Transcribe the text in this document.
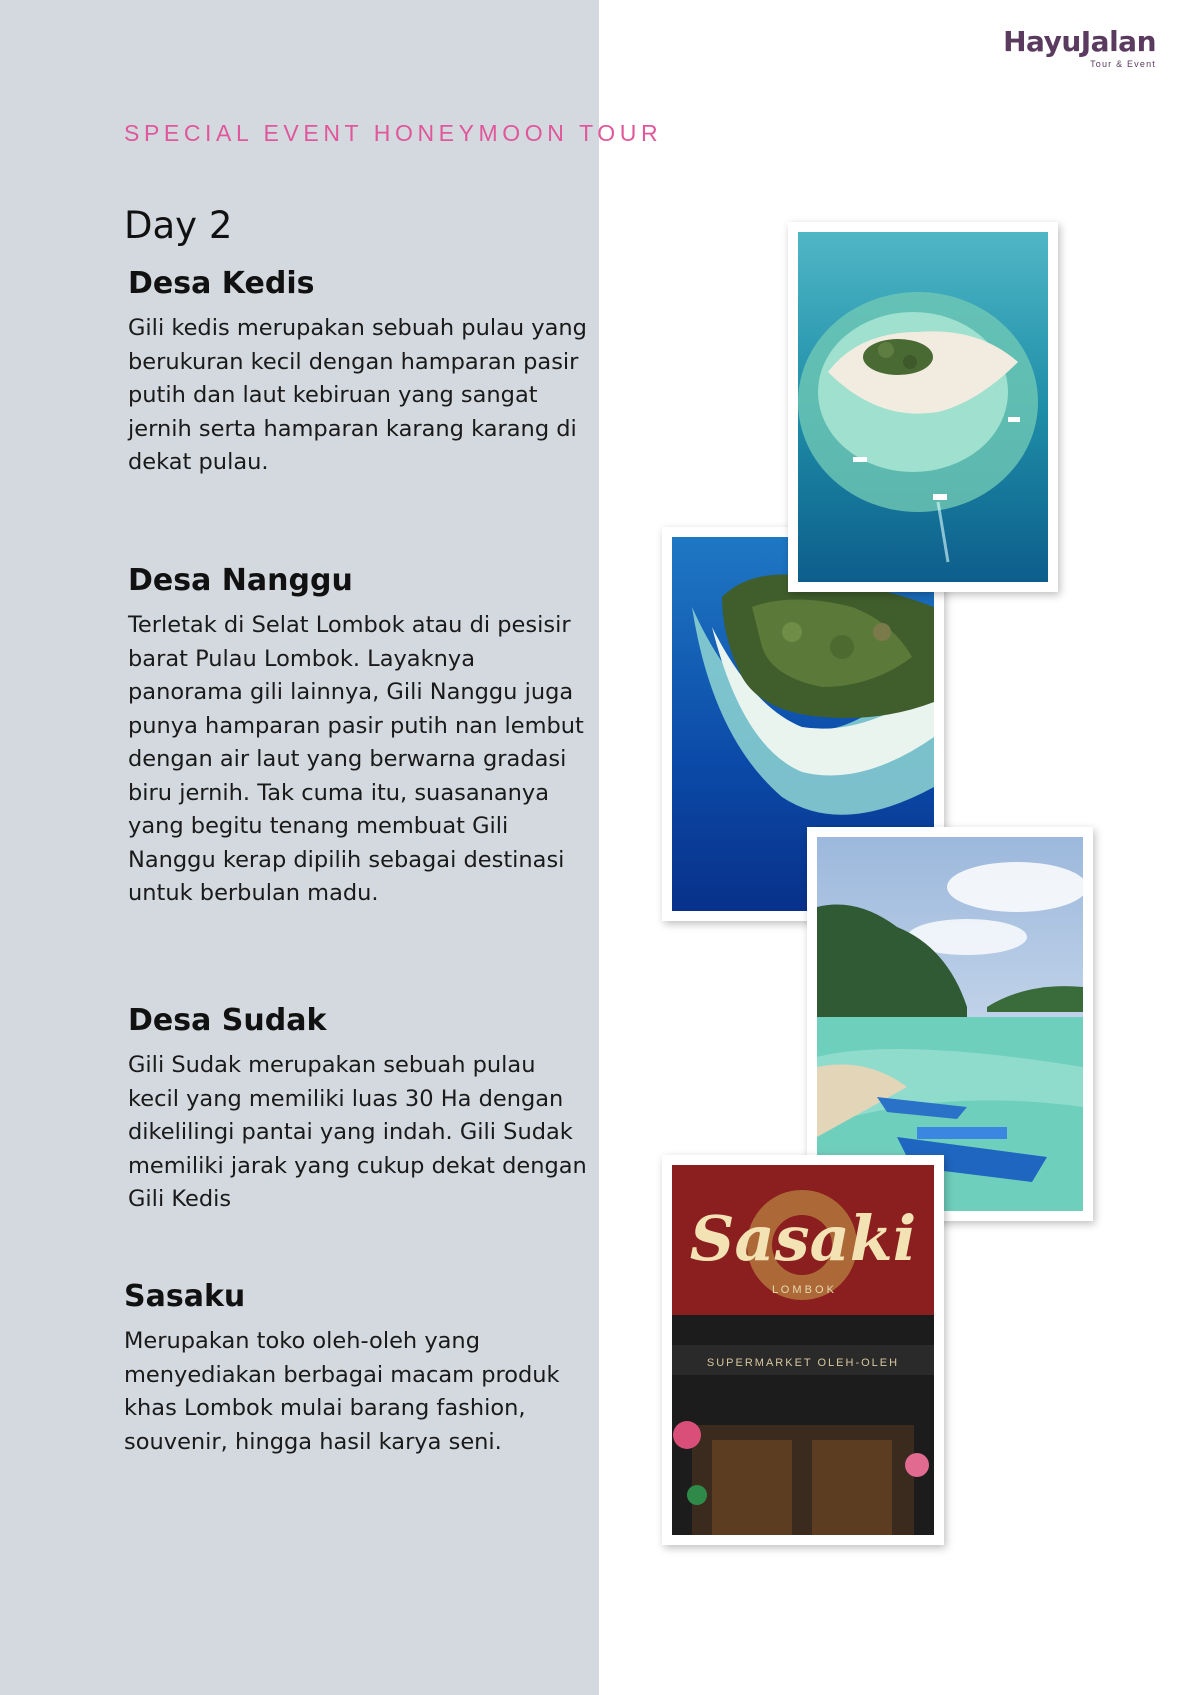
HayuJalan
Tour & Event
SPECIAL EVENT HONEYMOON TOUR
Day 2
Desa Kedis

Gili kedis merupakan sebuah pulau yang berukuran kecil dengan hamparan pasir putih dan laut kebiruan yang sangat jernih serta hamparan karang karang di dekat pulau.

Desa Nanggu

Terletak di Selat Lombok atau di pesisir barat Pulau Lombok. Layaknya panorama gili lainnya, Gili Nanggu juga punya hamparan pasir putih nan lembut dengan air laut yang berwarna gradasi biru jernih. Tak cuma itu, suasananya yang begitu tenang membuat Gili Nanggu kerap dipilih sebagai destinasi untuk berbulan madu.

Desa Sudak

Gili Sudak merupakan sebuah pulau kecil yang memiliki luas 30 Ha dengan dikelilingi pantai yang indah. Gili Sudak memiliki jarak yang cukup dekat dengan Gili Kedis

Sasaku

Merupakan toko oleh-oleh yang menyediakan berbagai macam produk khas Lombok mulai barang fashion, souvenir, hingga hasil karya seni.

Sasaki
L O M B O K
SUPERMARKET OLEH-OLEH
